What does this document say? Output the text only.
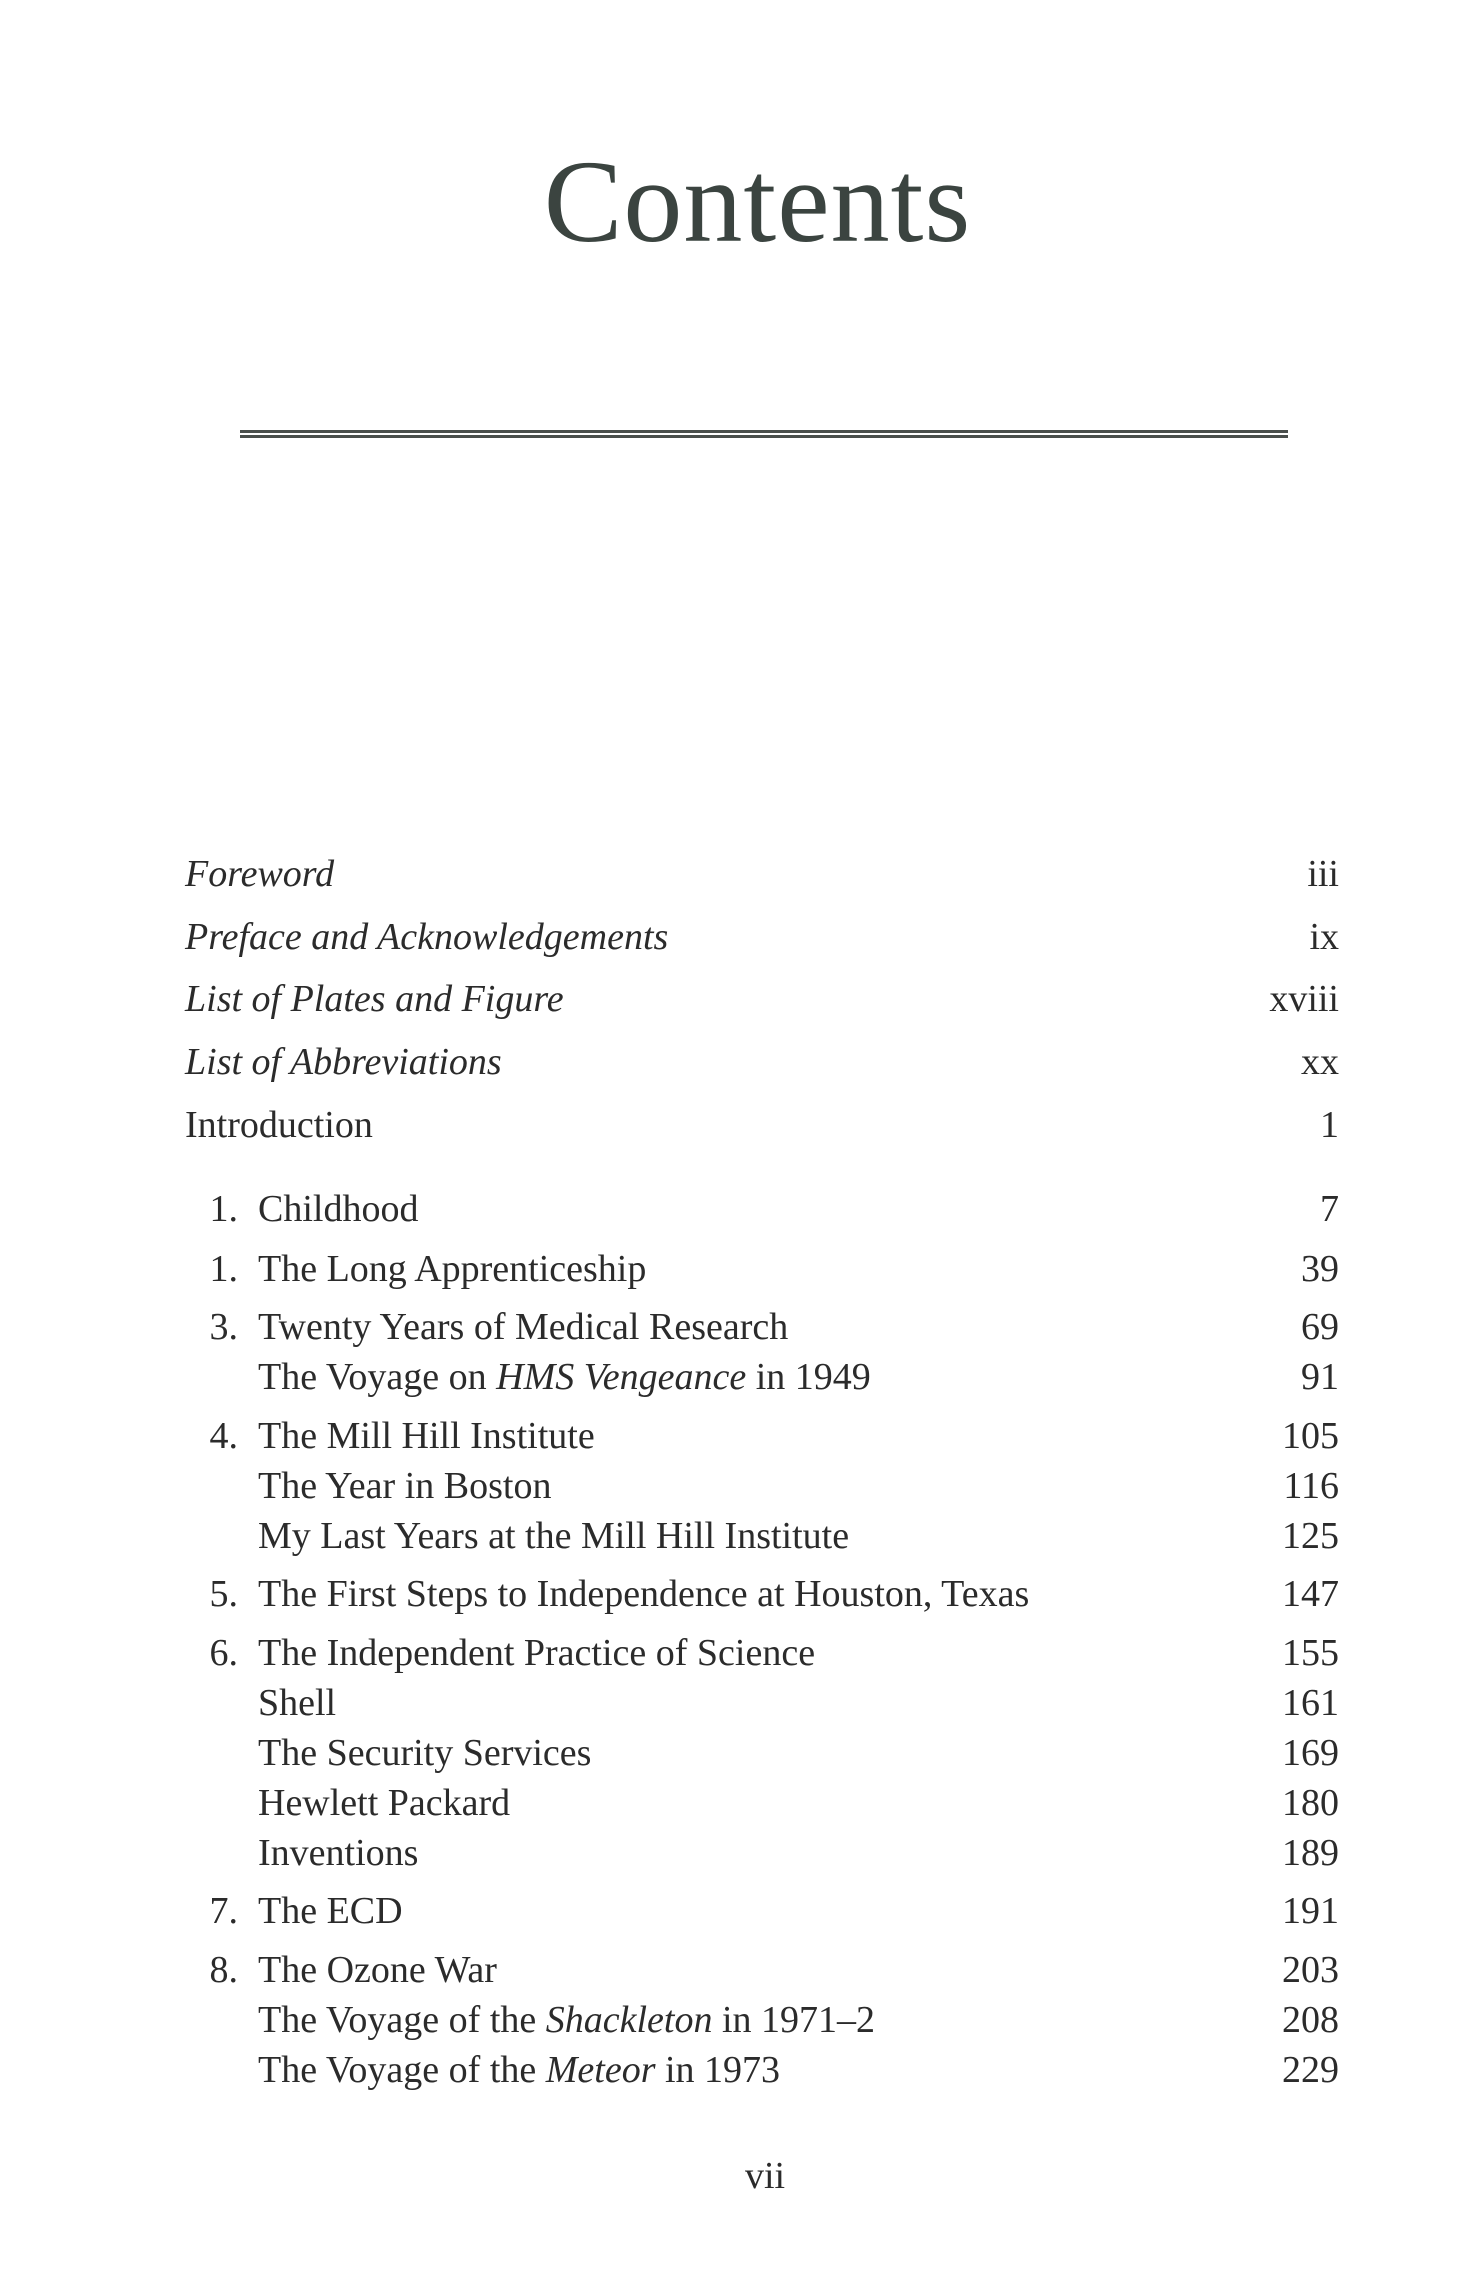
Contents
Foreword	iii
Preface and Acknowledgements	ix
List of Plates and Figure	xviii
List of Abbreviations	xx
Introduction	1
1. Childhood	7
1. The Long Apprenticeship	39
3. Twenty Years of Medical Research	69
The Voyage on HMS Vengeance in 1949	91
4. The Mill Hill Institute	105
The Year in Boston	116
My Last Years at the Mill Hill Institute	125
5. The First Steps to Independence at Houston, Texas	147
6. The Independent Practice of Science	155
Shell	161
The Security Services	169
Hewlett Packard	180
Inventions	189
7. The ECD	191
8. The Ozone War	203
The Voyage of the Shackleton in 1971–2	208
The Voyage of the Meteor in 1973	229
vii
